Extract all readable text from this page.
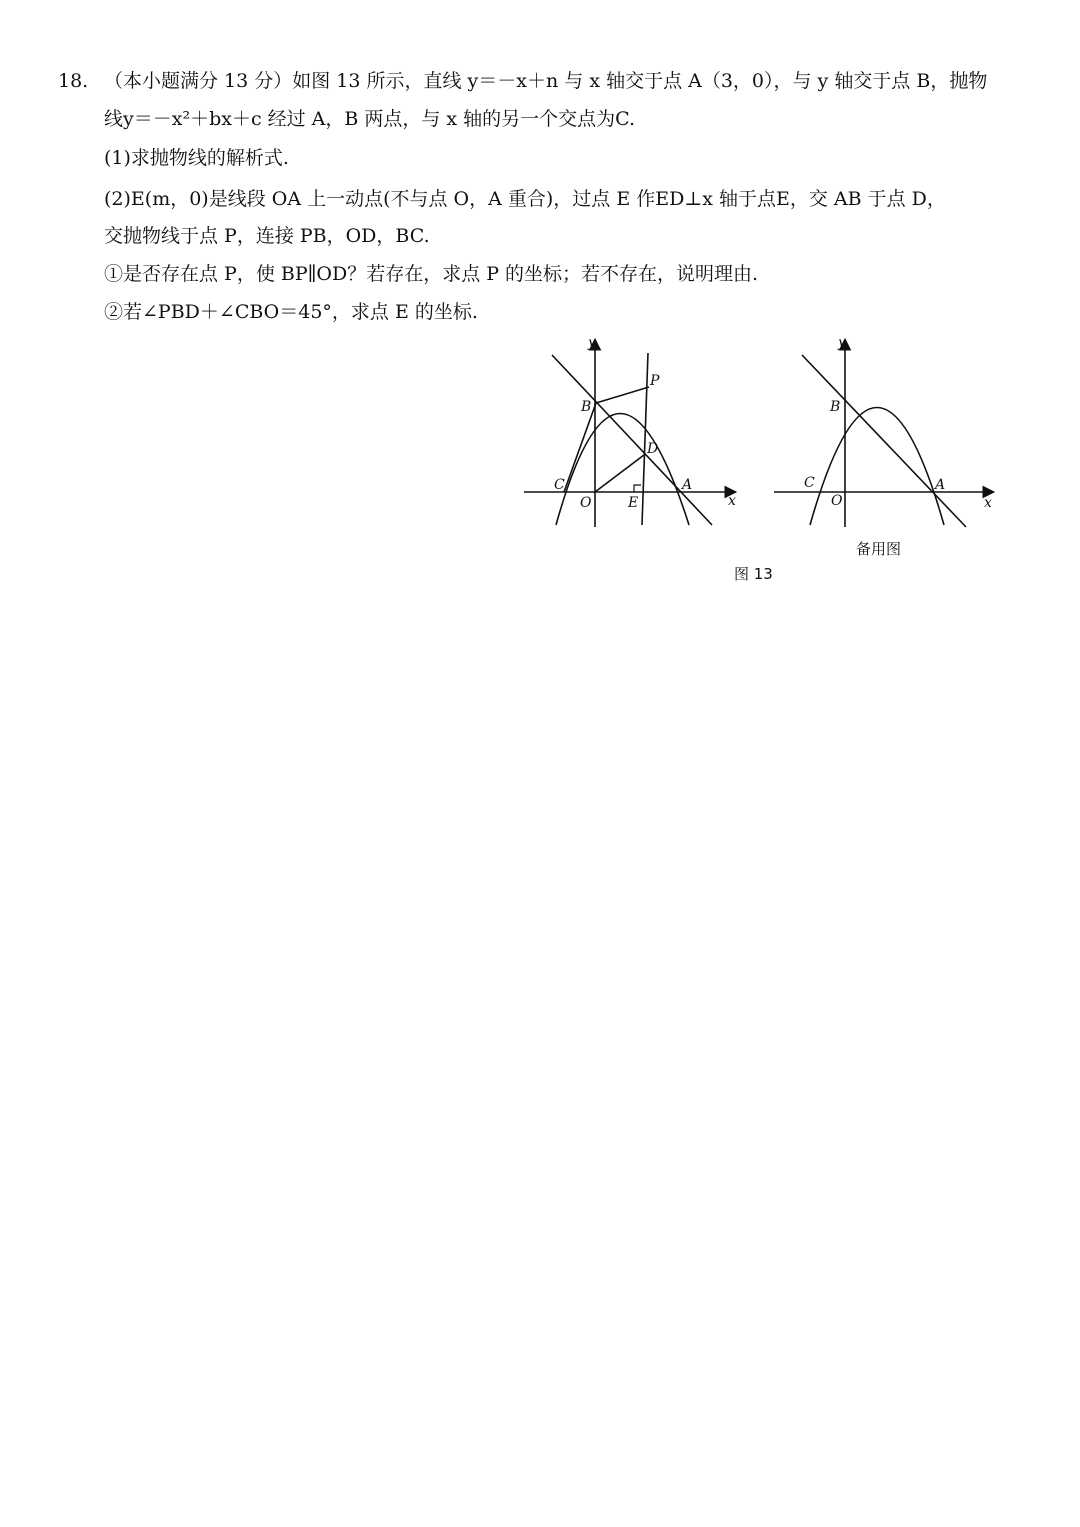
18. （本小题满分 13 分）如图 13 所示，直线 y＝－x＋n 与 x 轴交于点 A（3，0），与 y 轴交于点 B，抛物
线y＝－x²＋bx＋c 经过 A，B 两点，与 x 轴的另一个交点为C.
(1)求抛物线的解析式.
(2)E(m，0)是线段 OA 上一动点(不与点 O，A 重合)，过点 E 作ED⊥x 轴于点E，交 AB 于点 D，
交抛物线于点 P，连接 PB，OD，BC.
①是否存在点 P，使 BP∥OD？若存在，求点 P 的坐标；若不存在，说明理由.
②若∠PBD＋∠CBO＝45°，求点 E 的坐标.
y
x
B
P
D
C
O	E
A
y
x
B
C
O
A
备用图
图 13
